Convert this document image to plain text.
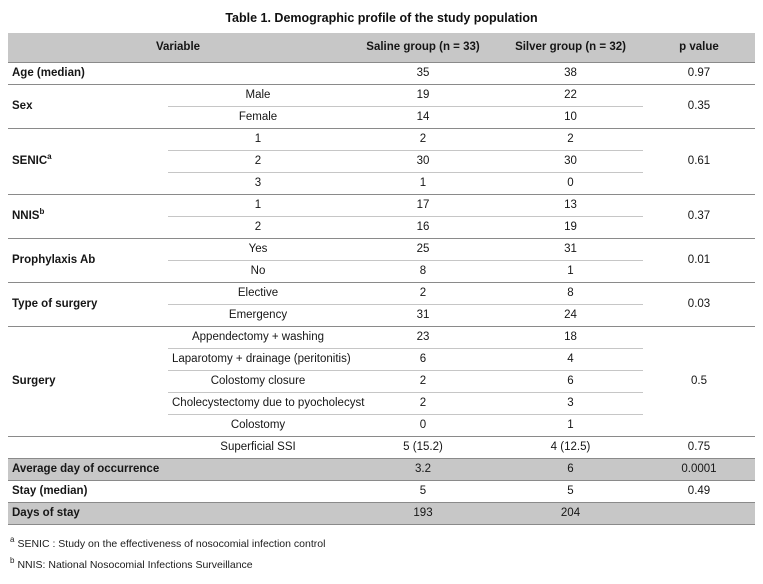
Table 1. Demographic profile of the study population
Variable		Saline group (n = 33)	Silver group (n = 32)	p value
Age (median)		35	38	0.97
Sex	Male	19	22	0.35
	Female	14	10	
SENIC$^a$	1	2	2	0.61
	2	30	30	
	3	1	0	
NNIS$^b$	1	17	13	0.37
	2	16	19	
Prophylaxis Ab	Yes	25	31	0.01
	No	8	1	
Type of surgery	Elective	2	8	0.03
	Emergency	31	24	
Surgery	Appendectomy + washing	23	18	0.5
	Laparotomy + drainage (peritonitis)	6	4	
	Colostomy closure	2	6	
	Cholecystectomy due to pyocholecyst	2	3	
	Colostomy	0	1	
	Superficial SSI	5 (15.2)	4 (12.5)	0.75
Average day of occurrence		3.2	6	0.0001
Stay (median)		5	5	0.49
Days of stay		193	204	
$^a$ SENIC : Study on the effectiveness of nosocomial infection control
$^b$ NNIS: National Nosocomial Infections Surveillance
